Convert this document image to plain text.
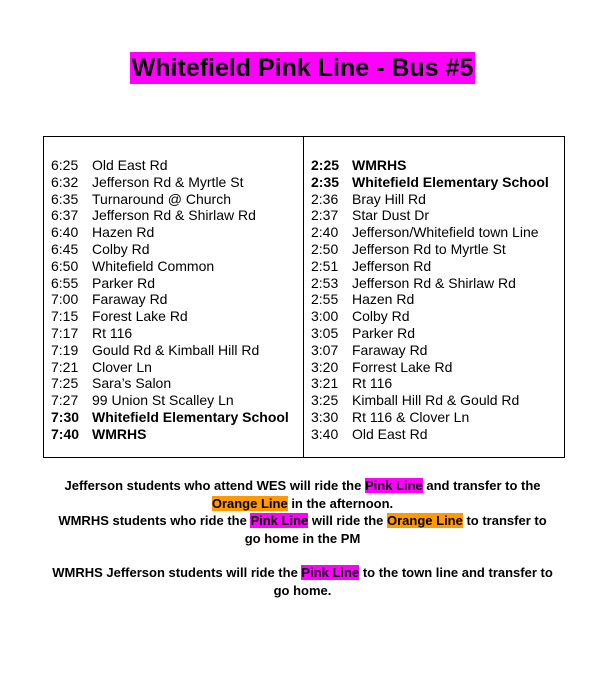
Whitefield Pink Line - Bus #5
6:25 Old East Rd
6:32 Jefferson Rd & Myrtle St
6:35 Turnaround @ Church
6:37 Jefferson Rd & Shirlaw Rd
6:40 Hazen Rd
6:45 Colby Rd
6:50 Whitefield Common
6:55 Parker Rd
7:00 Faraway Rd
7:15 Forest Lake Rd
7:17 Rt 116
7:19 Gould Rd & Kimball Hill Rd
7:21 Clover Ln
7:25 Sara’s Salon
7:27 99 Union St Scalley Ln
7:30 Whitefield Elementary School
7:40 WMRHS
2:25 WMRHS
2:35 Whitefield Elementary School
2:36 Bray Hill Rd
2:37 Star Dust Dr
2:40 Jefferson/Whitefield town Line
2:50 Jefferson Rd to Myrtle St
2:51 Jefferson Rd
2:53 Jefferson Rd & Shirlaw Rd
2:55 Hazen Rd
3:00 Colby Rd
3:05 Parker Rd
3:07 Faraway Rd
3:20 Forrest Lake Rd
3:21 Rt 116
3:25 Kimball Hill Rd & Gould Rd
3:30 Rt 116 & Clover Ln
3:40 Old East Rd

Jefferson students who attend WES will ride the Pink Line and transfer to the
Orange Line in the afternoon.

WMRHS students who ride the Pink Line will ride the Orange Line to transfer to
go home in the PM

WMRHS Jefferson students will ride the Pink Line to the town line and transfer to
go home.
